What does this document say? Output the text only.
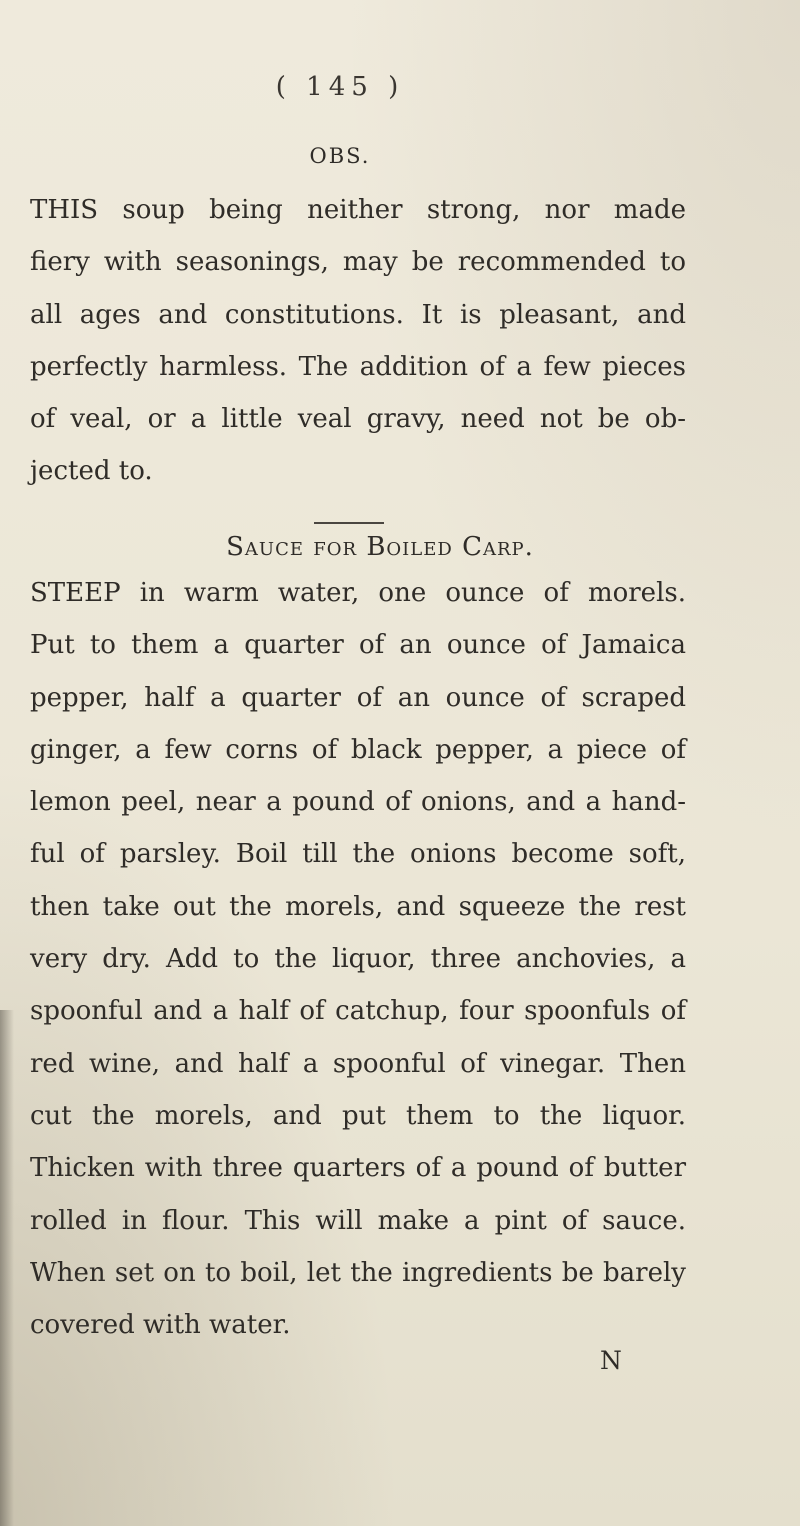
( 145 )
OBS.
THIS soup being neither strong, nor made
fiery with seasonings, may be recommended to
all ages and constitutions. It is pleasant, and
perfectly harmless. The addition of a few pieces
of veal, or a little veal gravy, need not be ob-
jected to.
Sauce for Boiled Carp.
STEEP in warm water, one ounce of morels.
Put to them a quarter of an ounce of Jamaica
pepper, half a quarter of an ounce of scraped
ginger, a few corns of black pepper, a piece of
lemon peel, near a pound of onions, and a hand-
ful of parsley. Boil till the onions become soft,
then take out the morels, and squeeze the rest
very dry. Add to the liquor, three anchovies, a
spoonful and a half of catchup, four spoonfuls of
red wine, and half a spoonful of vinegar. Then
cut the morels, and put them to the liquor.
Thicken with three quarters of a pound of butter
rolled in flour. This will make a pint of sauce.
When set on to boil, let the ingredients be barely
covered with water.
N
